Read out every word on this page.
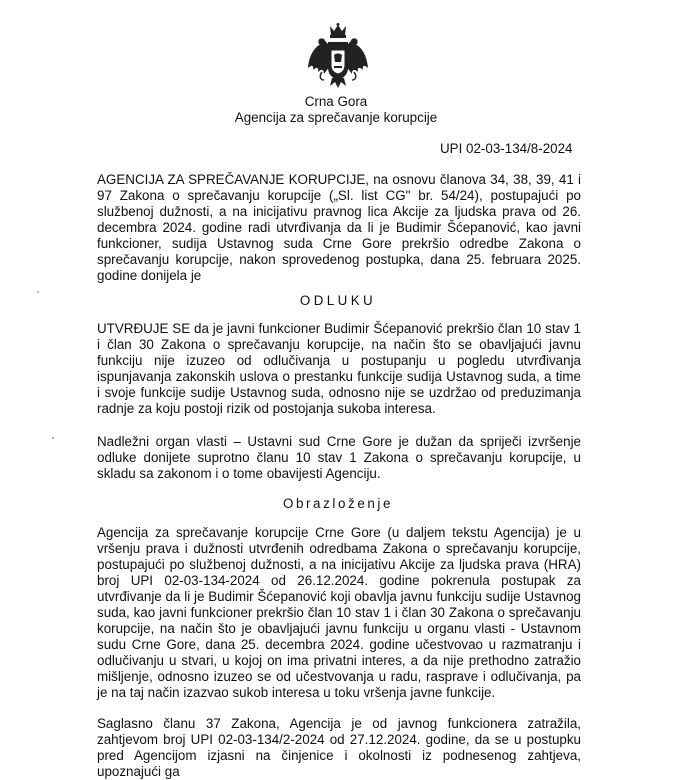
Crna Gora
Agencija za sprečavanje korupcije
UPI 02-03-134/8-2024

AGENCIJA ZA SPREČAVANJE KORUPCIJE, na osnovu članova 34, 38, 39, 41 i 97 Zakona o sprečavanju korupcije („Sl. list CG" br. 54/24), postupajući po službenoj dužnosti, a na inicijativu pravnog lica Akcije za ljudska prava od 26. decembra 2024. godine radi utvrđivanja da li je Budimir Šćepanović, kao javni funkcioner, sudija Ustavnog suda Crne Gore prekršio odredbe Zakona o sprečavanju korupcije, nakon sprovedenog postupka, dana 25. februara 2025. godine donijela je

ODLUKU

UTVRĐUJE SE da je javni funkcioner Budimir Šćepanović prekršio član 10 stav 1 i član 30 Zakona o sprečavanju korupcije, na način što se obavljajući javnu funkciju nije izuzeo od odlučivanja u postupanju u pogledu utvrđivanja ispunjavanja zakonskih uslova o prestanku funkcije sudija Ustavnog suda, a time i svoje funkcije sudije Ustavnog suda, odnosno nije se uzdržao od preduzimanja radnje za koju postoji rizik od postojanja sukoba interesa.

Nadležni organ vlasti – Ustavni sud Crne Gore je dužan da spriječi izvršenje odluke donijete suprotno članu 10 stav 1 Zakona o sprečavanju korupcije, u skladu sa zakonom i o tome obavijesti Agenciju.

Obrazloženje

Agencija za sprečavanje korupcije Crne Gore (u daljem tekstu Agencija) je u vršenju prava i dužnosti utvrđenih odredbama Zakona o sprečavanju korupcije, postupajući po službenoj dužnosti, a na inicijativu Akcije za ljudska prava (HRA) broj UPI 02-03-134-2024 od 26.12.2024. godine pokrenula postupak za utvrđivanje da li je Budimir Šćepanović koji obavlja javnu funkciju sudije Ustavnog suda, kao javni funkcioner prekršio član 10 stav 1 i član 30 Zakona o sprečavanju korupcije, na način što je obavljajući javnu funkciju u organu vlasti - Ustavnom sudu Crne Gore, dana 25. decembra 2024. godine učestvovao u razmatranju i odlučivanju u stvari, u kojoj on ima privatni interes, a da nije prethodno zatražio mišljenje, odnosno izuzeo se od učestvovanja u radu, rasprave i odlučivanja, pa je na taj način izazvao sukob interesa u toku vršenja javne funkcije.

Saglasno članu 37 Zakona, Agencija je od javnog funkcionera zatražila, zahtjevom broj UPI 02-03-134/2-2024 od 27.12.2024. godine, da se u postupku pred Agencijom izjasni na činjenice i okolnosti iz podnesenog zahtjeva, upoznajući ga
